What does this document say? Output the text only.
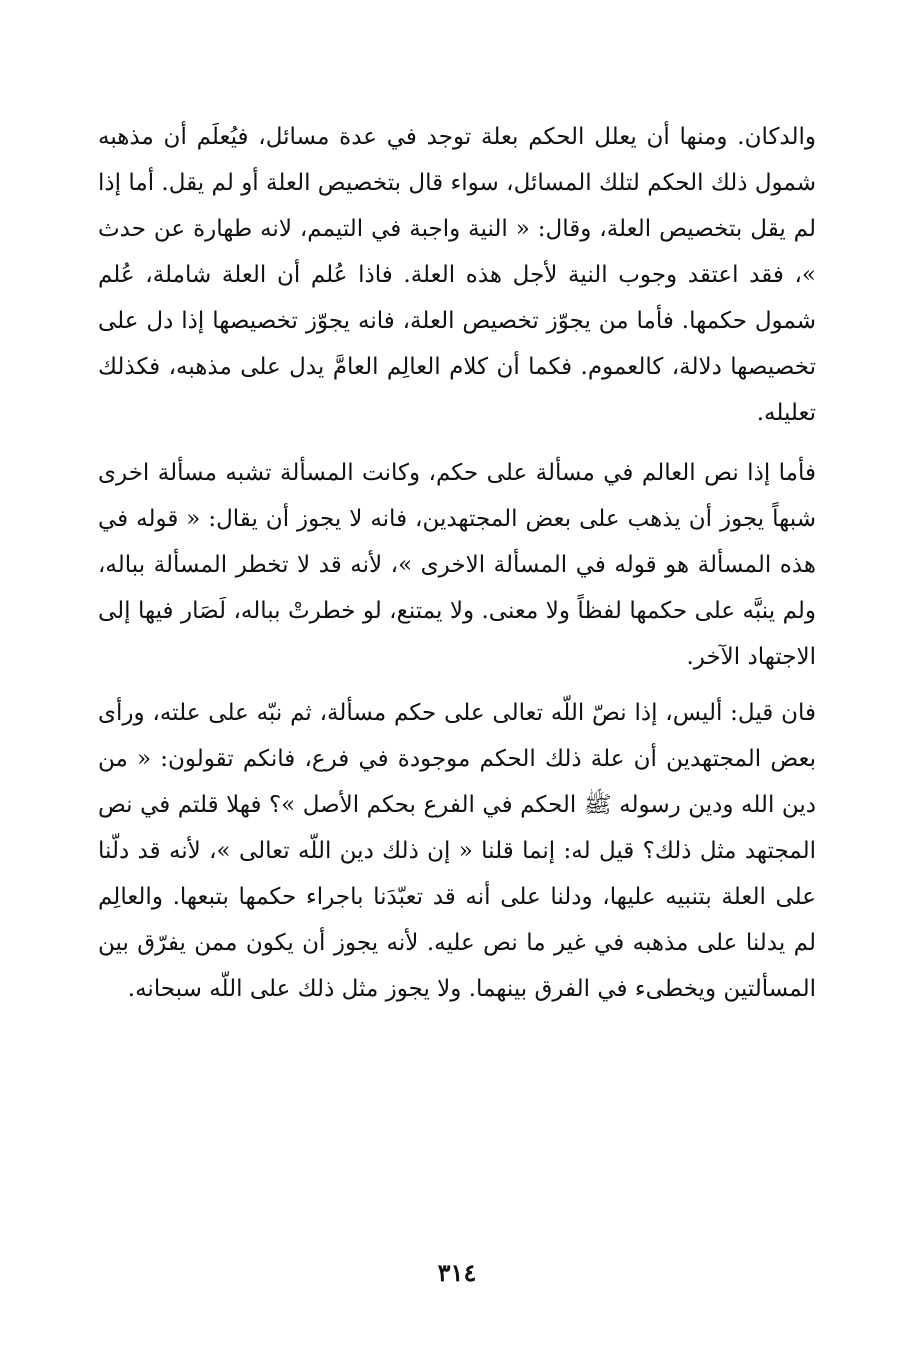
والدكان. ومنها أن يعلل الحكم بعلة توجد في عدة مسائل، فيُعلَم أن مذهبه شمول ذلك الحكم لتلك المسائل، سواء قال بتخصيص العلة أو لم يقل. أما إذا لم يقل بتخصيص العلة، وقال: « النية واجبة في التيمم، لانه طهارة عن حدث »، فقد اعتقد وجوب النية لأجل هذه العلة. فاذا عُلم أن العلة شاملة، عُلم شمول حكمها. فأما من يجوّز تخصيص العلة، فانه يجوّز تخصيصها إذا دل على تخصيصها دلالة، كالعموم. فكما أن كلام العالِم العامَّ يدل على مذهبه، فكذلك تعليله.

فأما إذا نص العالم في مسألة على حكم، وكانت المسألة تشبه مسألة اخرى شبهاً يجوز أن يذهب على بعض المجتهدين، فانه لا يجوز أن يقال: « قوله في هذه المسألة هو قوله في المسألة الاخرى »، لأنه قد لا تخطر المسألة بباله، ولم ينبَّه على حكمها لفظاً ولا معنى. ولا يمتنع، لو خطرتْ بباله، لَصَار فيها إلى الاجتهاد الآخر.

فان قيل: أليس، إذا نصّ اللّه تعالى على حكم مسألة، ثم نبّه على علته، ورأى بعض المجتهدين أن علة ذلك الحكم موجودة في فرع، فانكم تقولون: « من دين الله ودين رسوله ﷺ الحكم في الفرع بحكم الأصل »؟ فهلا قلتم في نص المجتهد مثل ذلك؟ قيل له: إنما قلنا « إن ذلك دين اللّه تعالى »، لأنه قد دلّنا على العلة بتنبيه عليها، ودلنا على أنه قد تعبّدَنا باجراء حكمها بتبعها. والعالِم لم يدلنا على مذهبه في غير ما نص عليه. لأنه يجوز أن يكون ممن يفرّق بين المسألتين ويخطىء في الفرق بينهما. ولا يجوز مثل ذلك على اللّه سبحانه.

٣١٤
